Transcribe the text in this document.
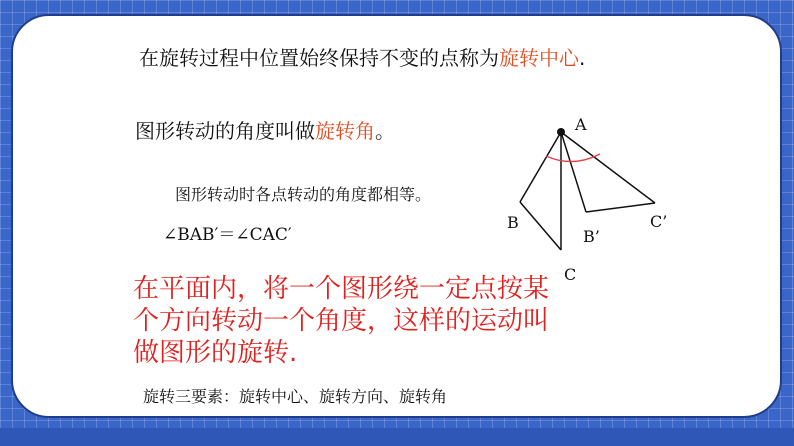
在旋转过程中位置始终保持不变的点称为旋转中心.
图形转动的角度叫做旋转角。
图形转动时各点转动的角度都相等。
∠BAB′＝∠CAC′
在平面内，将一个图形绕一定点按某个方向转动一个角度，这样的运动叫做图形的旋转.
旋转三要素：旋转中心、旋转方向、旋转角
A
B
C
B’
C’
